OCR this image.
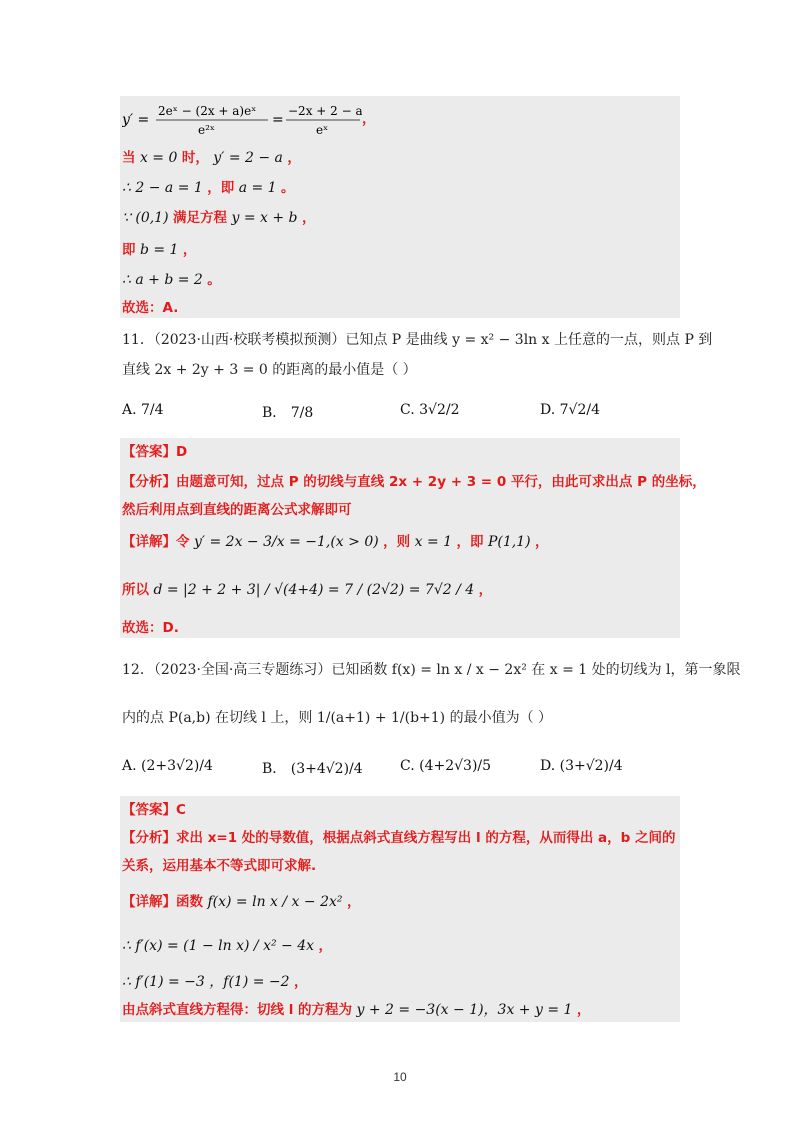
y′ =
2eˣ − (2x + a)eˣ
e²ˣ
=
−2x + 2 − a
eˣ
，
当 x = 0 时， y′ = 2 − a ，
∴ 2 − a = 1 ，即 a = 1 。
∵ (0,1) 满足方程 y = x + b ，
即 b = 1 ，
∴ a + b = 2 。
故选：A.
11．（2023·山西·校联考模拟预测）已知点 P 是曲线 y = x² − 3ln x 上任意的一点，则点 P 到
直线 2x + 2y + 3 = 0 的距离的最小值是（ ）
A. 7/4	B． 7/8	C. 3√2/2	D. 7√2/4
【答案】D
【分析】由题意可知，过点 P 的切线与直线 2x + 2y + 3 = 0 平行，由此可求出点 P 的坐标，
然后利用点到直线的距离公式求解即可
【详解】令 y′ = 2x − 3/x = −1,(x > 0) ，则 x = 1 ，即 P(1,1) ，
所以 d = |2 + 2 + 3| / √(4+4) = 7 / (2√2) = 7√2 / 4 ，
故选：D.
12．（2023·全国·高三专题练习）已知函数 f(x) = ln x / x − 2x² 在 x = 1 处的切线为 l，第一象限
内的点 P(a,b) 在切线 l 上，则 1/(a+1) + 1/(b+1) 的最小值为（ ）
A. (2+3√2)/4	B． (3+4√2)/4	C. (4+2√3)/5	D. (3+√2)/4
【答案】C
【分析】求出 x=1 处的导数值，根据点斜式直线方程写出 l 的方程，从而得出 a，b 之间的
关系，运用基本不等式即可求解.
【详解】函数 f(x) = ln x / x − 2x² ，
∴ f′(x) = (1 − ln x) / x² − 4x ，
∴ f′(1) = −3 ，f(1) = −2 ，
由点斜式直线方程得：切线 l 的方程为 y + 2 = −3(x − 1)，3x + y = 1 ，
10
